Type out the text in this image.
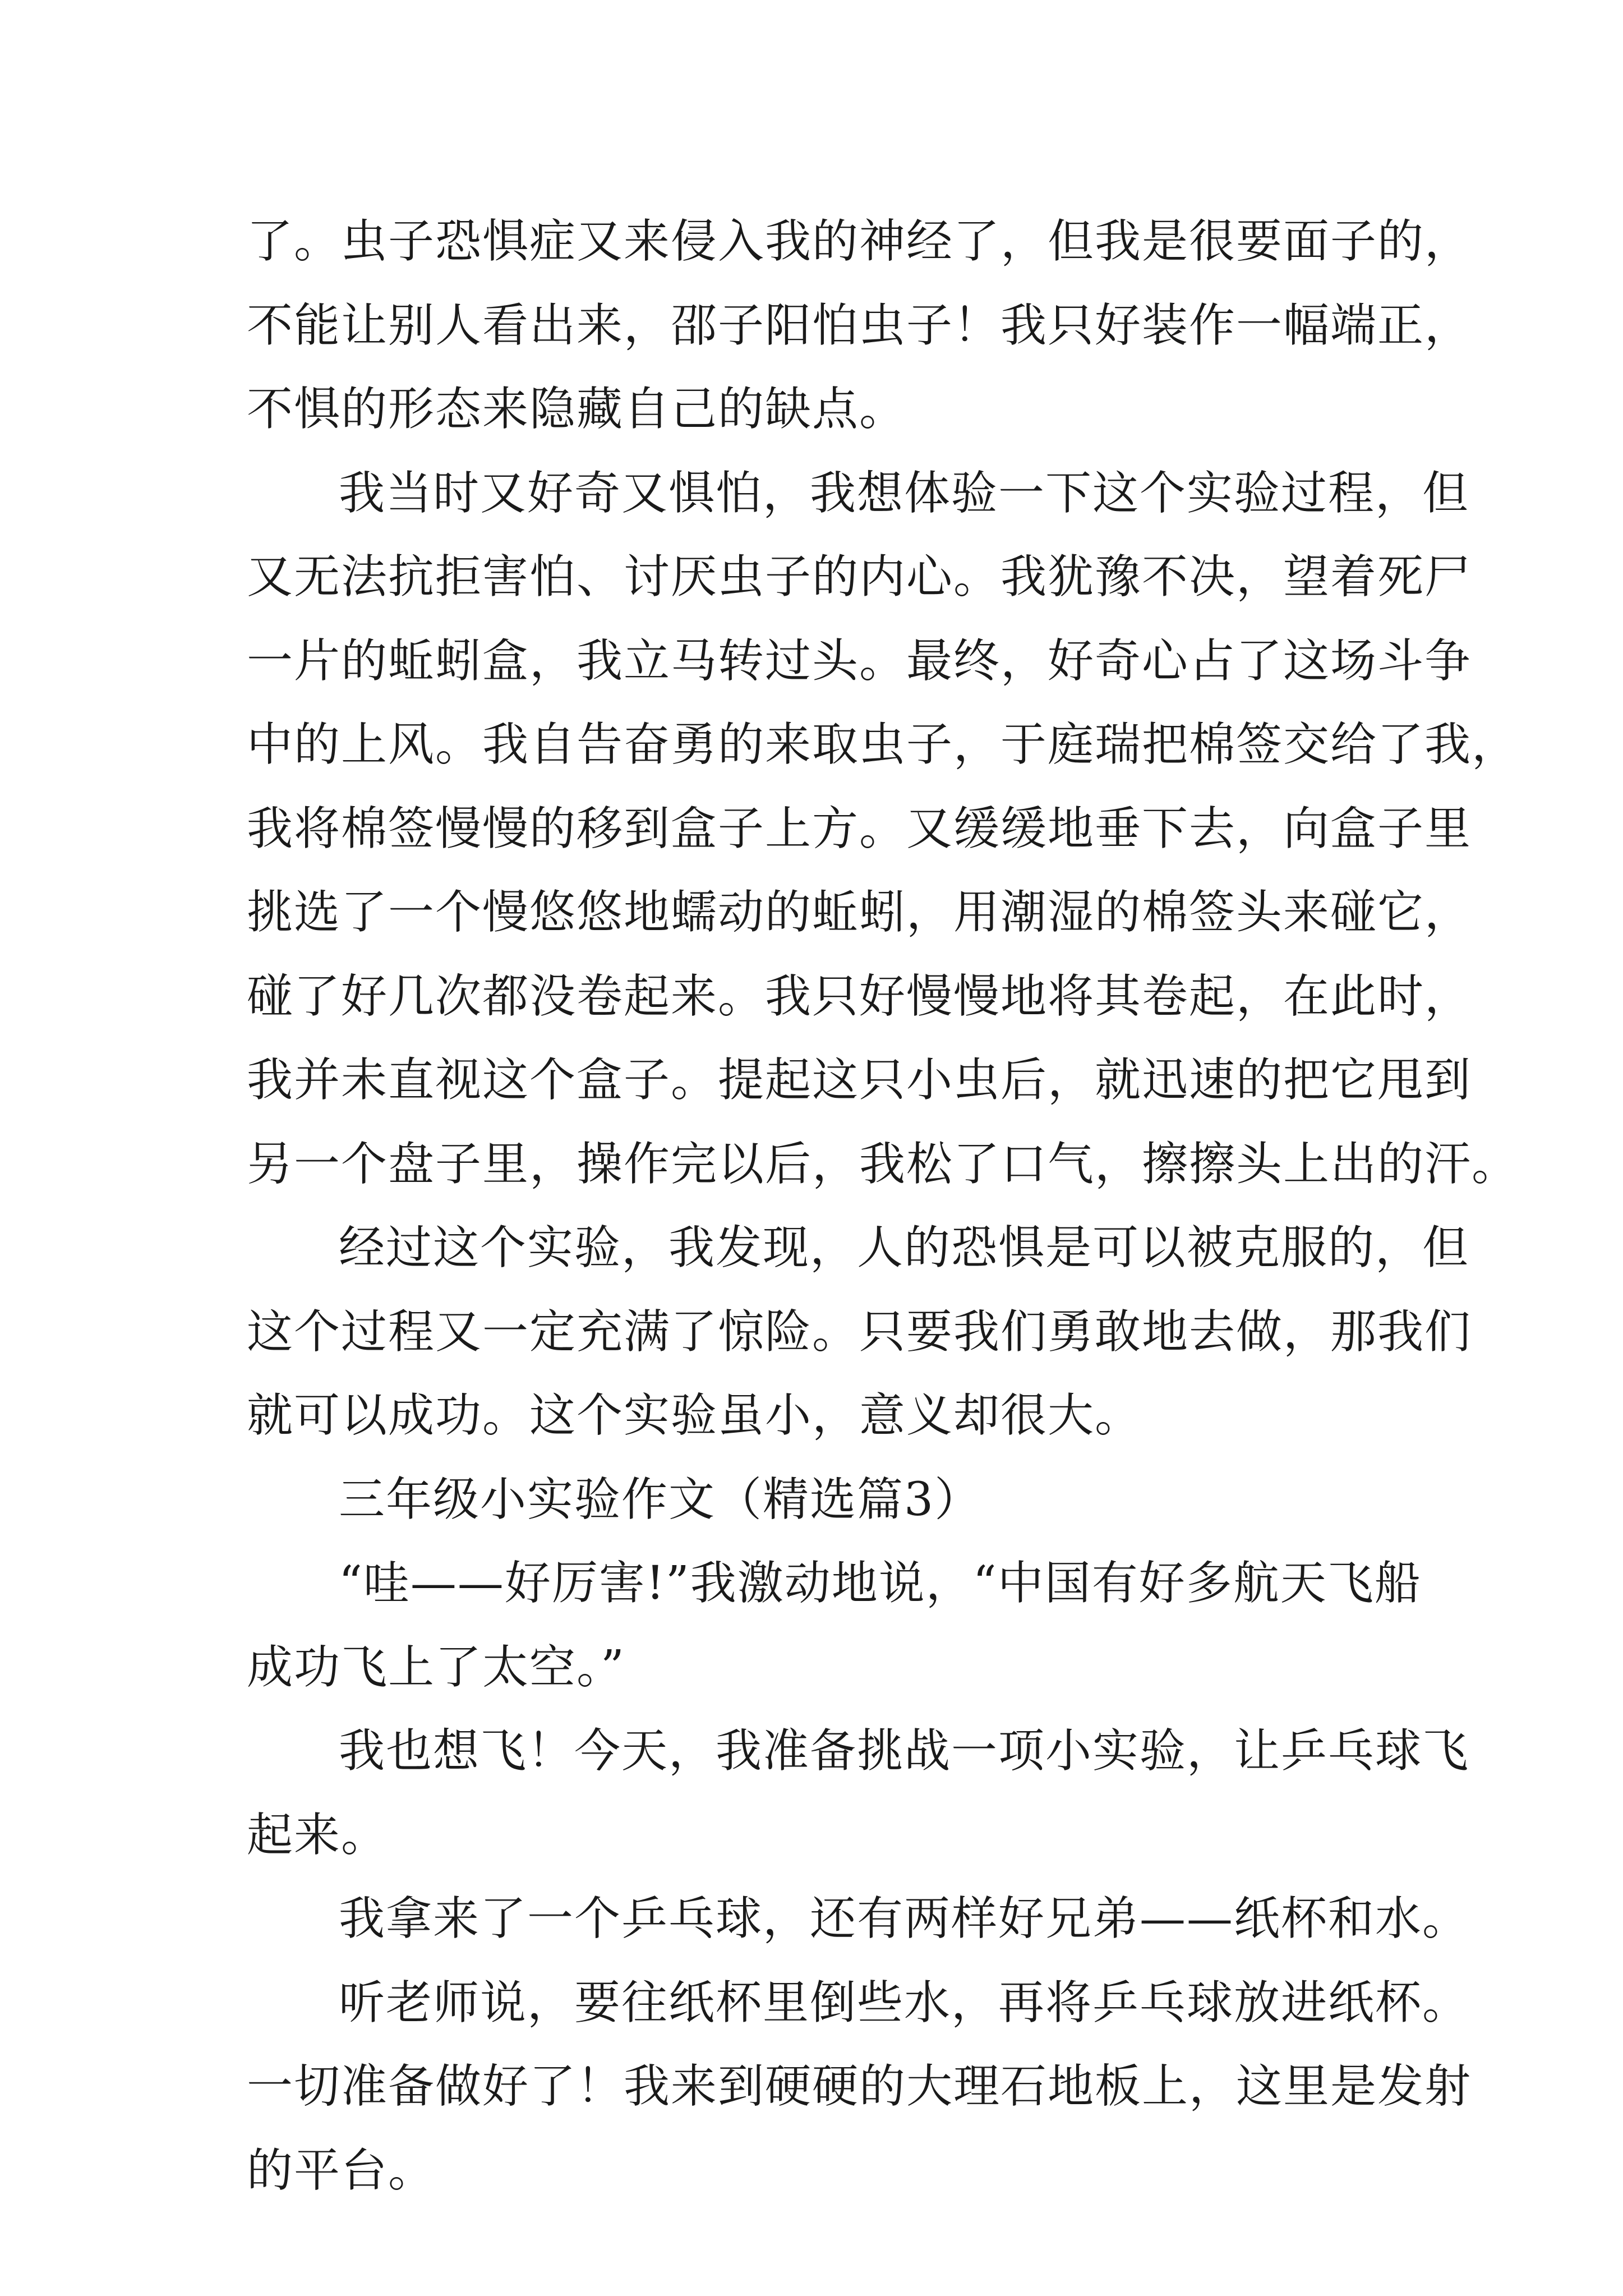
了。虫子恐惧症又来侵入我的神经了，但我是很要面子的，
不能让别人看出来，邵子阳怕虫子！我只好装作一幅端正，
不惧的形态来隐藏自己的缺点。
我当时又好奇又惧怕，我想体验一下这个实验过程，但
又无法抗拒害怕、讨厌虫子的内心。我犹豫不决，望着死尸
一片的蚯蚓盒，我立马转过头。最终，好奇心占了这场斗争
中的上风。我自告奋勇的来取虫子，于庭瑞把棉签交给了我，
我将棉签慢慢的移到盒子上方。又缓缓地垂下去，向盒子里
挑选了一个慢悠悠地蠕动的蚯蚓，用潮湿的棉签头来碰它，
碰了好几次都没卷起来。我只好慢慢地将其卷起，在此时，
我并未直视这个盒子。提起这只小虫后，就迅速的把它甩到
另一个盘子里，操作完以后，我松了口气，擦擦头上出的汗。
经过这个实验，我发现，人的恐惧是可以被克服的，但
这个过程又一定充满了惊险。只要我们勇敢地去做，那我们
就可以成功。这个实验虽小，意义却很大。
三年级小实验作文（精选篇3）
“哇——好厉害!”我激动地说，“中国有好多航天飞船
成功飞上了太空。”
我也想飞！今天，我准备挑战一项小实验，让乒乓球飞
起来。
我拿来了一个乒乓球，还有两样好兄弟——纸杯和水。
听老师说，要往纸杯里倒些水，再将乒乓球放进纸杯。
一切准备做好了！我来到硬硬的大理石地板上，这里是发射
的平台。
